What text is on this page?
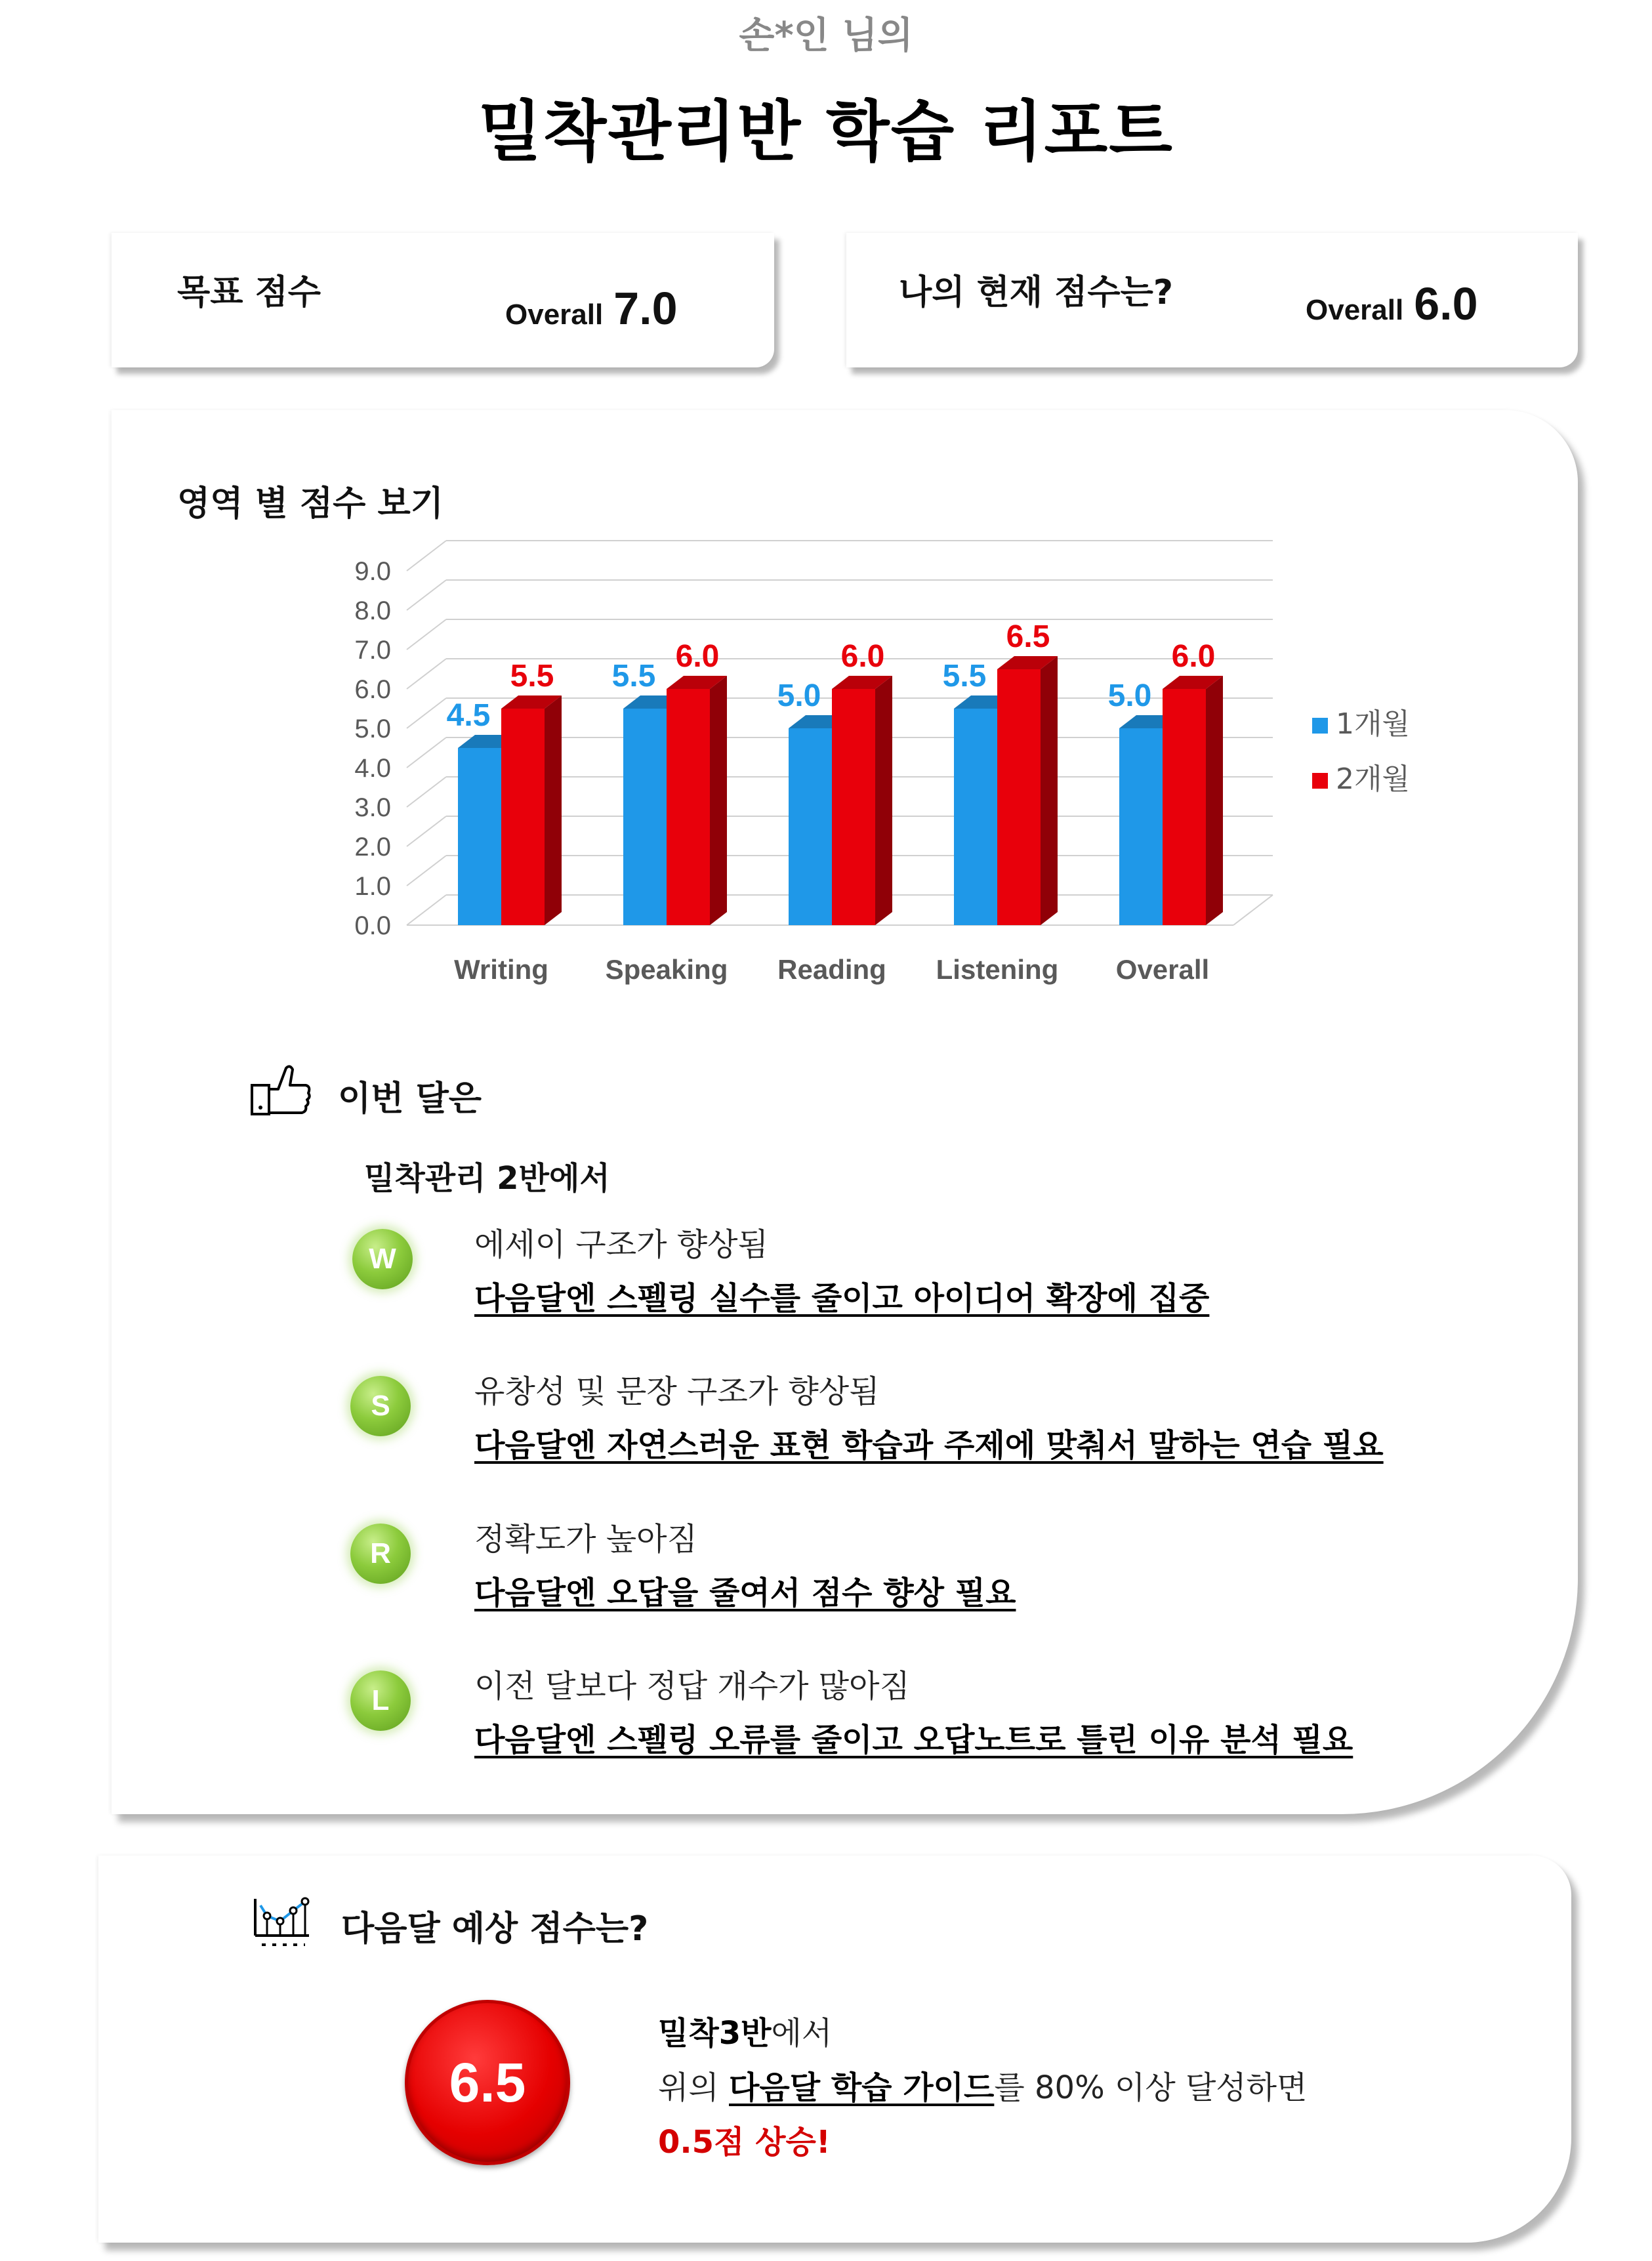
손*인 님의
밀착관리반 학습 리포트
목표 점수
Overall 7.0	나의 현재 점수는?	Overall 6.0
영역 별 점수 보기
0.0
1.0
2.0
3.0
4.0
5.0
6.0
7.0
8.0
9.0
4.5
5.5
Writing
5.5
6.0
Speaking
5.0
6.0
Reading
5.5
6.5
Listening
5.0
6.0
Overall
1개월
2개월
이번 달은
밀착관리 2반에서
W	에세이 구조가 향상됨
다음달엔 스펠링 실수를 줄이고 아이디어 확장에 집중
S	유창성 및 문장 구조가 향상됨
다음달엔 자연스러운 표현 학습과 주제에 맞춰서 말하는 연습 필요
R	정확도가 높아짐
다음달엔 오답을 줄여서 점수 향상 필요
L	이전 달보다 정답 개수가 많아짐
다음달엔 스펠링 오류를 줄이고 오답노트로 틀린 이유 분석 필요
다음달 예상 점수는?
6.5
밀착3반에서
위의 다음달 학습 가이드를 80% 이상 달성하면
0.5점 상승!
